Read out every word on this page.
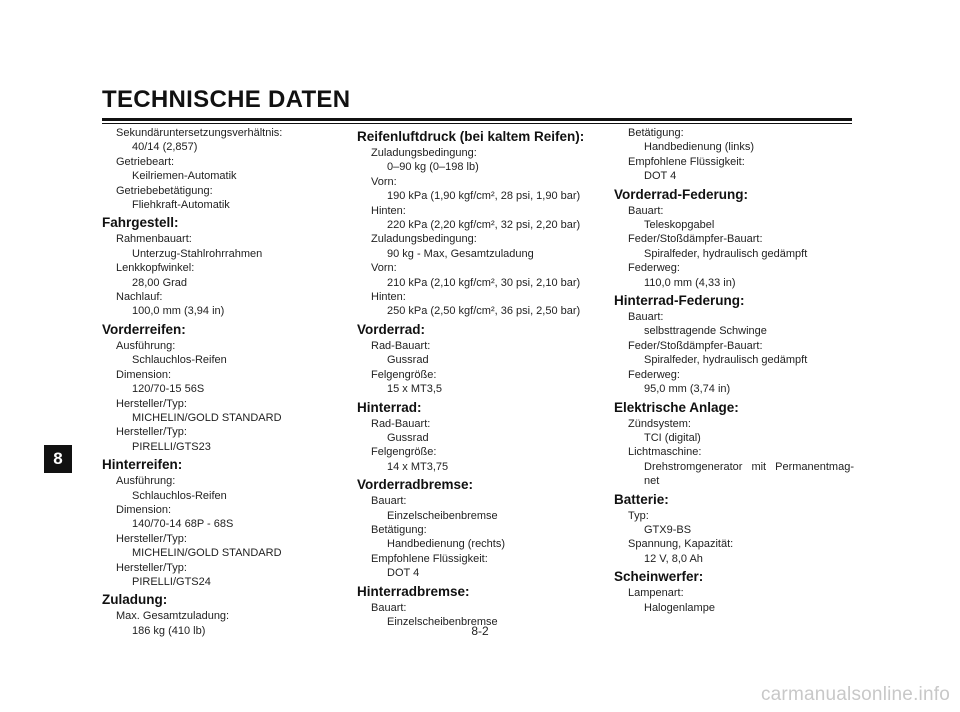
TECHNISCHE DATEN
8
Sekundäruntersetzungsverhältnis:
40/14 (2,857)
Getriebeart:
Keilriemen-Automatik
Getriebebetätigung:
Fliehkraft-Automatik
Fahrgestell:
Rahmenbauart:
Unterzug-Stahlrohrrahmen
Lenkkopfwinkel:
28,00 Grad
Nachlauf:
100,0 mm (3,94 in)
Vorderreifen:
Ausführung:
Schlauchlos-Reifen
Dimension:
120/70-15 56S
Hersteller/Typ:
MICHELIN/GOLD STANDARD
Hersteller/Typ:
PIRELLI/GTS23
Hinterreifen:
Ausführung:
Schlauchlos-Reifen
Dimension:
140/70-14 68P - 68S
Hersteller/Typ:
MICHELIN/GOLD STANDARD
Hersteller/Typ:
PIRELLI/GTS24
Zuladung:
Max. Gesamtzuladung:
186 kg (410 lb)
Reifenluftdruck (bei kaltem Reifen):
Zuladungsbedingung:
0–90 kg (0–198 lb)
Vorn:
190 kPa (1,90 kgf/cm², 28 psi, 1,90 bar)
Hinten:
220 kPa (2,20 kgf/cm², 32 psi, 2,20 bar)
Zuladungsbedingung:
90 kg - Max, Gesamtzuladung
Vorn:
210 kPa (2,10 kgf/cm², 30 psi, 2,10 bar)
Hinten:
250 kPa (2,50 kgf/cm², 36 psi, 2,50 bar)
Vorderrad:
Rad-Bauart:
Gussrad
Felgengröße:
15 x MT3,5
Hinterrad:
Rad-Bauart:
Gussrad
Felgengröße:
14 x MT3,75
Vorderradbremse:
Bauart:
Einzelscheibenbremse
Betätigung:
Handbedienung (rechts)
Empfohlene Flüssigkeit:
DOT 4
Hinterradbremse:
Bauart:
Einzelscheibenbremse
Betätigung:
Handbedienung (links)
Empfohlene Flüssigkeit:
DOT 4
Vorderrad-Federung:
Bauart:
Teleskopgabel
Feder/Stoßdämpfer-Bauart:
Spiralfeder, hydraulisch gedämpft
Federweg:
110,0 mm (4,33 in)
Hinterrad-Federung:
Bauart:
selbsttragende Schwinge
Feder/Stoßdämpfer-Bauart:
Spiralfeder, hydraulisch gedämpft
Federweg:
95,0 mm (3,74 in)
Elektrische Anlage:
Zündsystem:
TCI (digital)
Lichtmaschine:
Drehstromgenerator mit Permanentmag-
net
Batterie:
Typ:
GTX9-BS
Spannung, Kapazität:
12 V, 8,0 Ah
Scheinwerfer:
Lampenart:
Halogenlampe
8-2
carmanualsonline.info
